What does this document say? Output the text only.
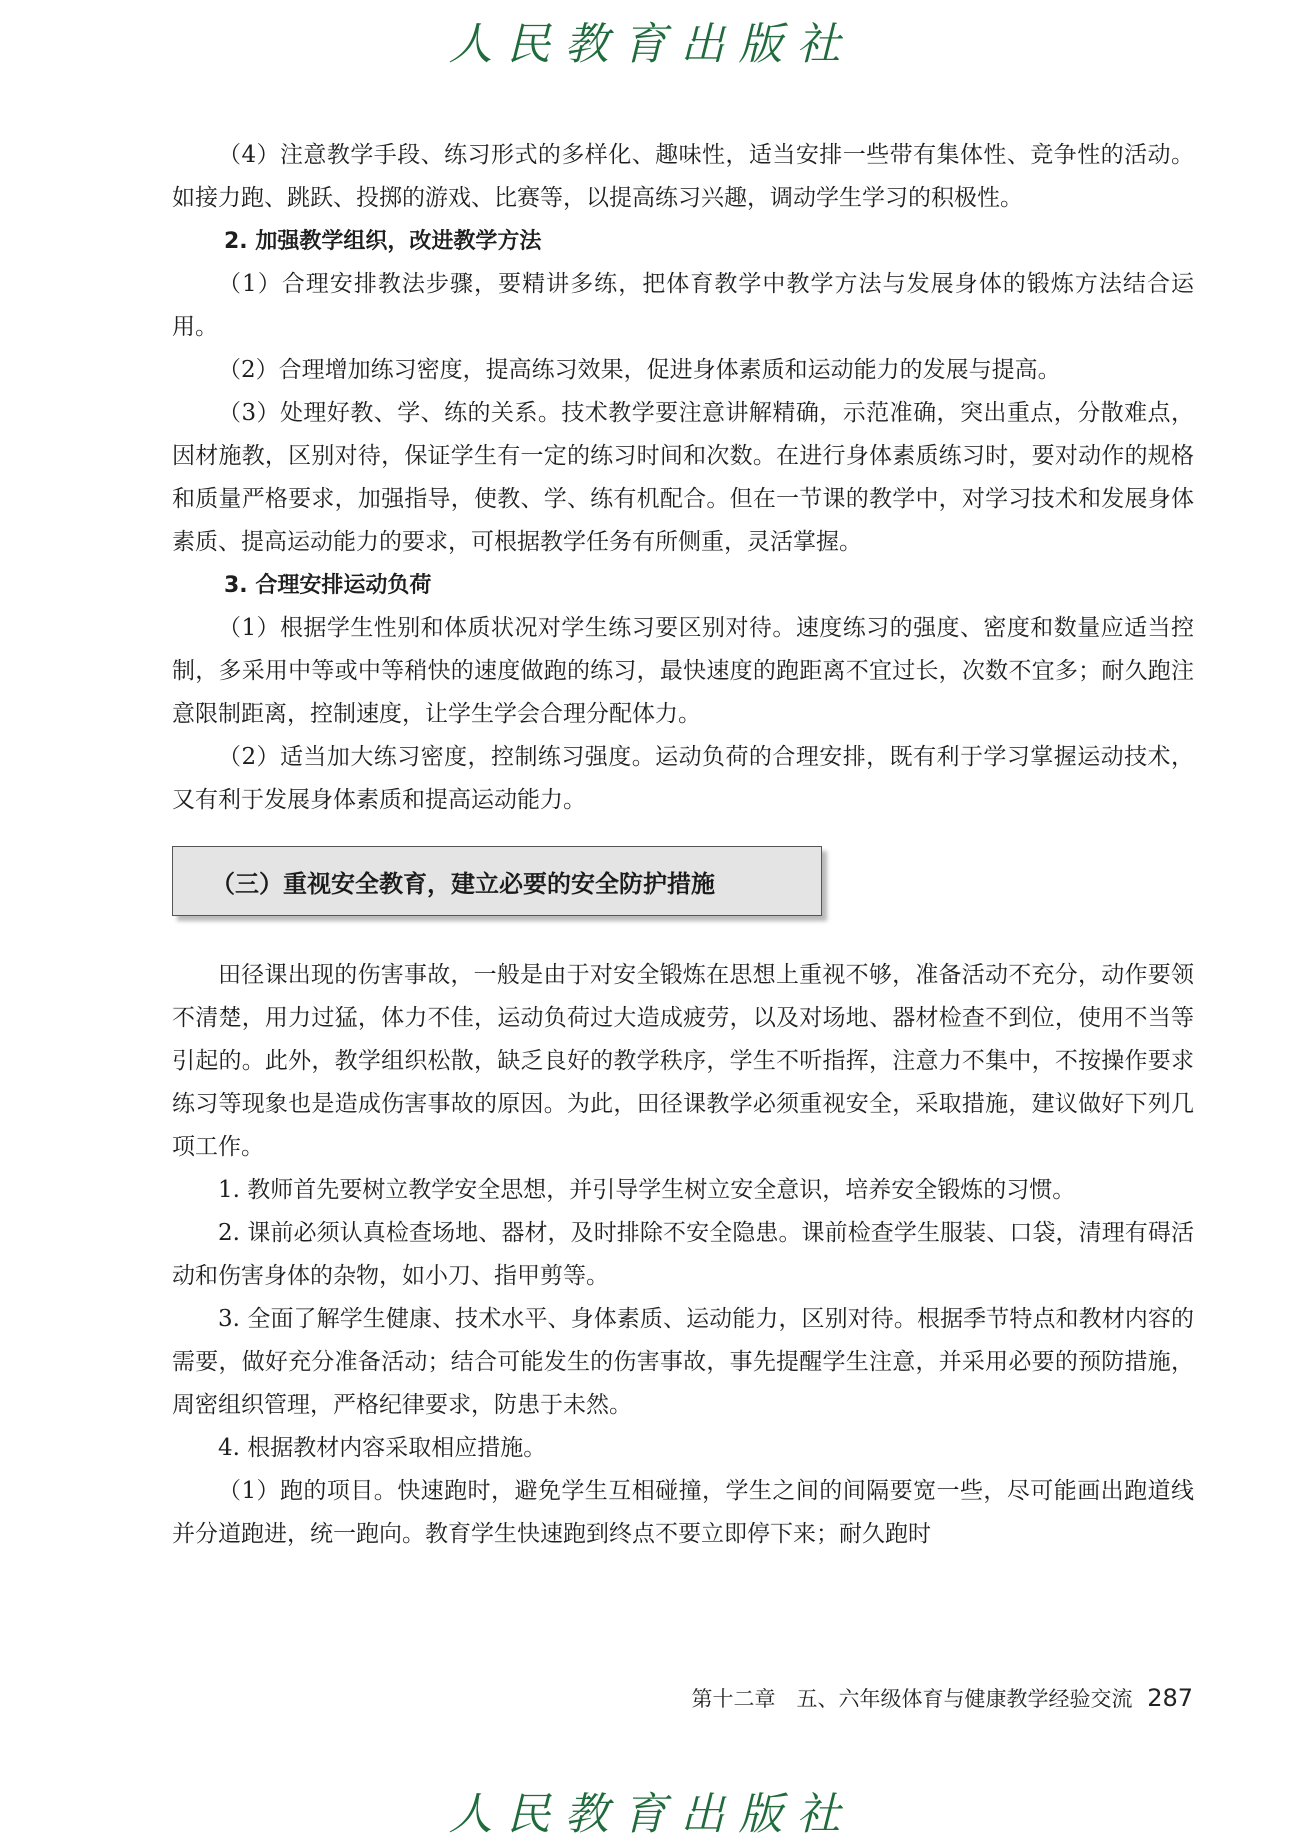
人民教育出版社

（4）注意教学手段、练习形式的多样化、趣味性，适当安排一些带有集体性、竞争性的活动。如接力跑、跳跃、投掷的游戏、比赛等，以提高练习兴趣，调动学生学习的积极性。

2. 加强教学组织，改进教学方法

（1）合理安排教法步骤，要精讲多练，把体育教学中教学方法与发展身体的锻炼方法结合运用。

（2）合理增加练习密度，提高练习效果，促进身体素质和运动能力的发展与提高。

（3）处理好教、学、练的关系。技术教学要注意讲解精确，示范准确，突出重点，分散难点，因材施教，区别对待，保证学生有一定的练习时间和次数。在进行身体素质练习时，要对动作的规格和质量严格要求，加强指导，使教、学、练有机配合。但在一节课的教学中，对学习技术和发展身体素质、提高运动能力的要求，可根据教学任务有所侧重，灵活掌握。

3. 合理安排运动负荷

（1）根据学生性别和体质状况对学生练习要区别对待。速度练习的强度、密度和数量应适当控制，多采用中等或中等稍快的速度做跑的练习，最快速度的跑距离不宜过长，次数不宜多；耐久跑注意限制距离，控制速度，让学生学会合理分配体力。

（2）适当加大练习密度，控制练习强度。运动负荷的合理安排，既有利于学习掌握运动技术，又有利于发展身体素质和提高运动能力。

（三）重视安全教育，建立必要的安全防护措施

田径课出现的伤害事故，一般是由于对安全锻炼在思想上重视不够，准备活动不充分，动作要领不清楚，用力过猛，体力不佳，运动负荷过大造成疲劳，以及对场地、器材检查不到位，使用不当等引起的。此外，教学组织松散，缺乏良好的教学秩序，学生不听指挥，注意力不集中，不按操作要求练习等现象也是造成伤害事故的原因。为此，田径课教学必须重视安全，采取措施，建议做好下列几项工作。

1. 教师首先要树立教学安全思想，并引导学生树立安全意识，培养安全锻炼的习惯。

2. 课前必须认真检查场地、器材，及时排除不安全隐患。课前检查学生服装、口袋，清理有碍活动和伤害身体的杂物，如小刀、指甲剪等。

3. 全面了解学生健康、技术水平、身体素质、运动能力，区别对待。根据季节特点和教材内容的需要，做好充分准备活动；结合可能发生的伤害事故，事先提醒学生注意，并采用必要的预防措施，周密组织管理，严格纪律要求，防患于未然。

4. 根据教材内容采取相应措施。

（1）跑的项目。快速跑时，避免学生互相碰撞，学生之间的间隔要宽一些，尽可能画出跑道线并分道跑进，统一跑向。教育学生快速跑到终点不要立即停下来；耐久跑时

第十二章　五、六年级体育与健康教学经验交流 287
人民教育出版社
